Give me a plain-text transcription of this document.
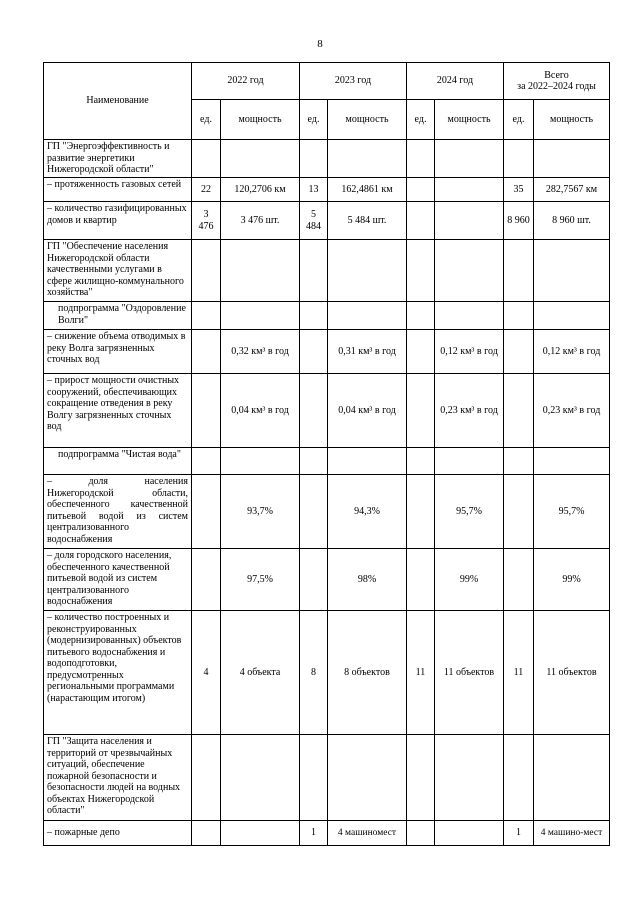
8
Наименование	2022 год		2023 год		2024 год		Всего
за 2022–2024 годы	

	ед.	мощность	ед.	мощность	ед.	мощность	ед.	мощность
ГП "Энергоэффективность и развитие энергетики Нижегородской области"								
– протяженность газовых сетей	22	120,2706 км	13	162,4861 км			35	282,7567 км
– количество газифицированных домов и квартир	3 476	3 476 шт.	5 484	5 484 шт.			8 960	8 960 шт.
ГП "Обеспечение населения Нижегородской области качественными услугами в сфере жилищно-коммунального хозяйства"								
подпрограмма "Оздоровление Волги"								
– снижение объема отводимых в реку Волга загрязненных сточных вод		0,32 км³ в год		0,31 км³ в год		0,12 км³ в год		0,12 км³ в год
– прирост мощности очистных сооружений, обеспечивающих сокращение отведения в реку Волгу загрязненных сточных вод		0,04 км³ в год		0,04 км³ в год		0,23 км³ в год		0,23 км³ в год
подпрограмма "Чистая вода"								
– доля населения Нижегородской области, обеспеченного качественной питьевой водой из систем централизованного водоснабжения		93,7%		94,3%		95,7%		95,7%
– доля городского населения, обеспеченного качественной питьевой водой из систем централизованного водоснабжения		97,5%		98%		99%		99%
– количество построенных и реконструированных (модернизированных) объектов питьевого водоснабжения и водоподготовки, предусмотренных региональными программами (нарастающим итогом)	4	4 объекта	8	8 объектов	11	11 объектов	11	11 объектов
ГП "Защита населения и территорий от чрезвычайных ситуаций, обеспечение пожарной безопасности и безопасности людей на водных объектах Нижегородской области"								
– пожарные депо			1	4 машиномест			1	4 машино-мест
